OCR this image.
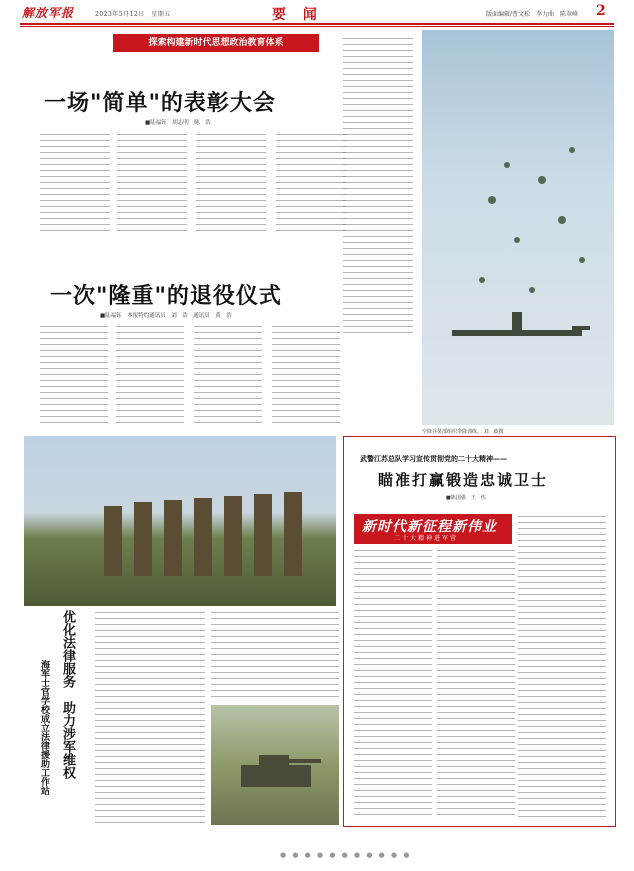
解放军报	2023年5月12日　星期五	要 闻	版面编辑/曹文松　李力曲　陈翠峰 2
探索构建新时代思想政治教育体系
一场"简单"的表彰大会
■陆福钰　胡志明　陈　浩
一次"隆重"的退役仪式
■陆福钰　本报特约通讯员　刘　浩　通讯员　黄　浩
空降兵某部组织伞降训练。 刘　政摄
武警江苏总队学习宣传贯彻党的二十大精神——
瞄准打赢锻造忠诚卫士
■陈国强　王　伟
新时代新征程新伟业
二十大精神进军营
优化法律服务　助力涉军维权
海军士官学校成立法律援助工作站
● ● ● ● ● ● ● ● ● ● ●
